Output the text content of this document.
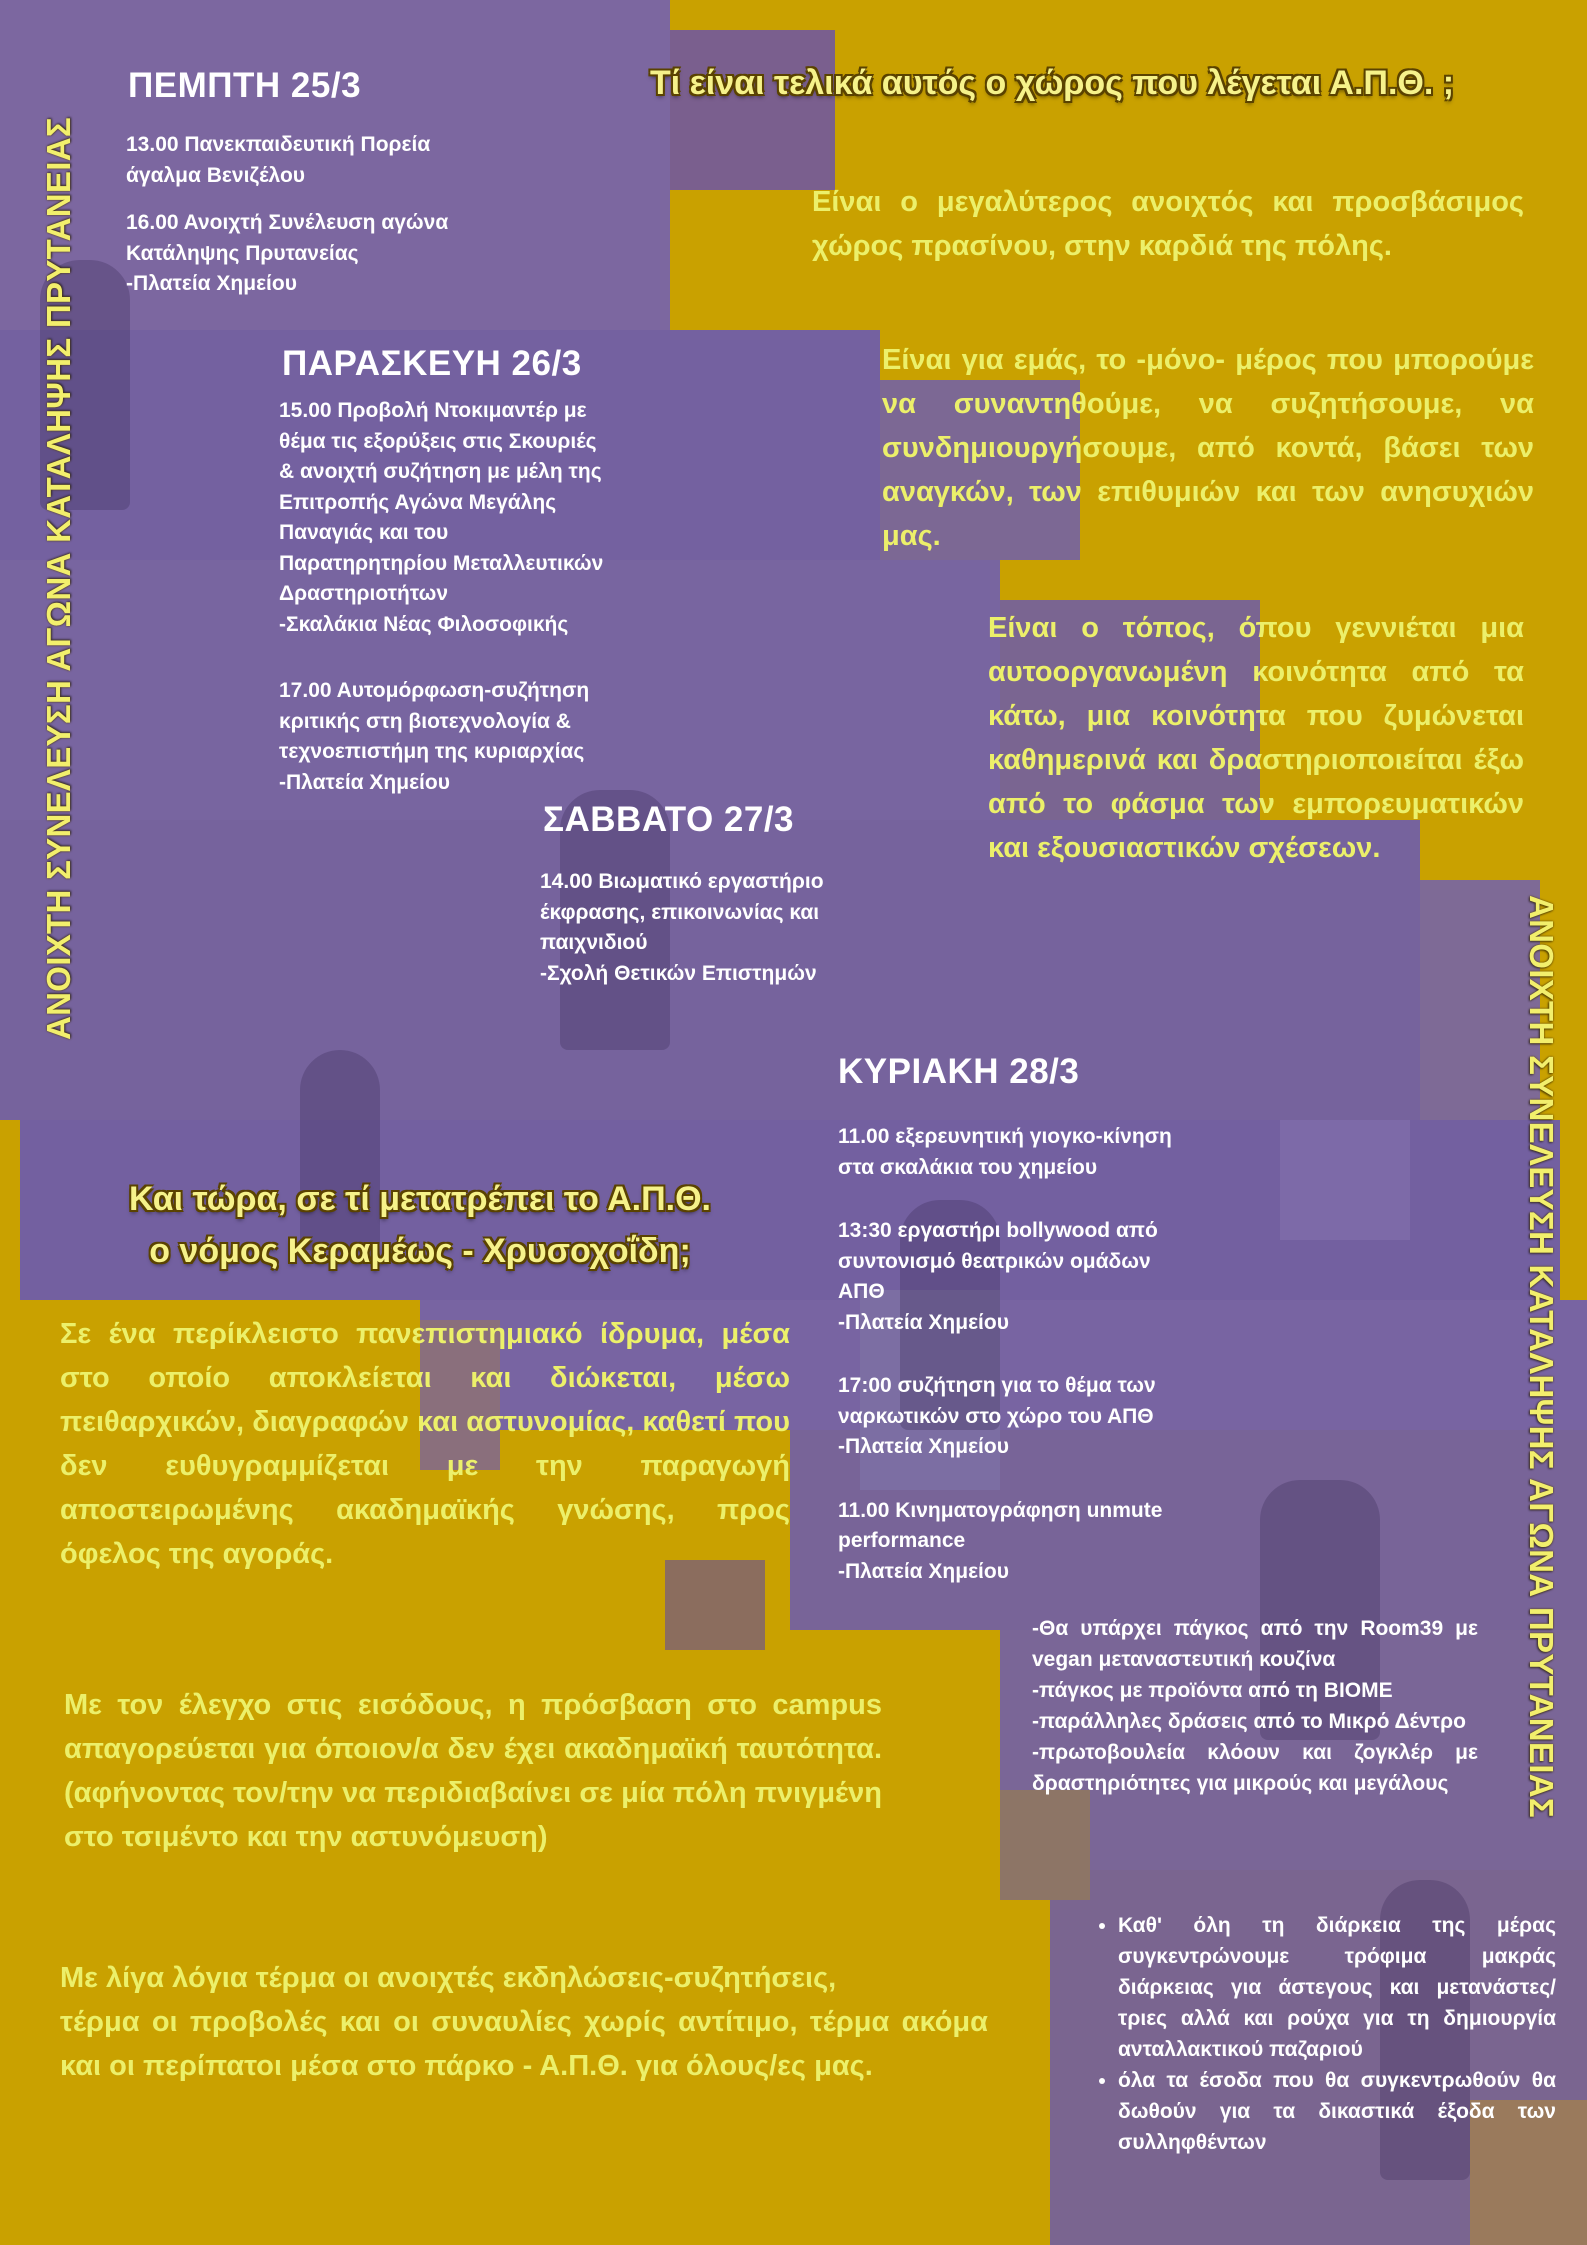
ΑΝΟΙΧΤΗ ΣΥΝΕΛΕΥΣΗ ΑΓΩΝΑ ΚΑΤΑΛΗΨΗΣ ΠΡΥΤΑΝΕΙΑΣ
ΑΝΟΙΧΤΗ ΣΥΝΕΛΕΥΣΗ ΚΑΤΑΛΗΨΗΣ ΑΓΩΝΑ ΠΡΥΤΑΝΕΙΑΣ
ΠΕΜΠΤΗ 25/3

13.00 Πανεκπαιδευτική Πορεία
άγαλμα Βενιζέλου

16.00 Ανοιχτή Συνέλευση αγώνα
Κατάληψης Πρυτανείας
-Πλατεία Χημείου

ΠΑΡΑΣΚΕΥΗ 26/3

15.00 Προβολή Ντοκιμαντέρ με
θέμα τις εξορύξεις στις Σκουριές
& ανοιχτή συζήτηση με μέλη της
Επιτροπής Αγώνα Μεγάλης
Παναγιάς και του
Παρατηρητηρίου Μεταλλευτικών
Δραστηριοτήτων
-Σκαλάκια Νέας Φιλοσοφικής

17.00 Αυτομόρφωση-συζήτηση
κριτικής στη βιοτεχνολογία &
τεχνοεπιστήμη της κυριαρχίας
-Πλατεία Χημείου

ΣΑΒΒΑΤΟ 27/3

14.00 Βιωματικό εργαστήριο
έκφρασης, επικοινωνίας και
παιχνιδιού
-Σχολή Θετικών Επιστημών

ΚΥΡΙΑΚΗ 28/3

11.00 εξερευνητική γιογκο-κίνηση
στα σκαλάκια του χημείου

13:30 εργαστήρι bollywood από
συντονισμό θεατρικών ομάδων
ΑΠΘ
-Πλατεία Χημείου

17:00 συζήτηση για το θέμα των
ναρκωτικών στο χώρο του ΑΠΘ
-Πλατεία Χημείου

11.00 Κινηματογράφηση unmute
performance
-Πλατεία Χημείου

Τί είναι τελικά αυτός ο χώρος που λέγεται Α.Π.Θ. ;

Είναι ο μεγαλύτερος ανοιχτός και προσβάσιμος χώρος πρασίνου, στην καρδιά της πόλης.

Είναι για εμάς, το -μόνο- μέρος που μπορούμε να συναντηθούμε, να συζητήσουμε, να συνδημιουργήσουμε, από κοντά, βάσει των αναγκών, των επιθυμιών και των ανησυχιών μας.

Είναι ο τόπος, όπου γεννιέται μια αυτοοργανωμένη κοινότητα από τα κάτω, μια κοινότητα που ζυμώνεται καθημερινά και δραστηριοποιείται έξω από το φάσμα των εμπορευματικών και εξουσιαστικών σχέσεων.

Και τώρα, σε τί μετατρέπει το Α.Π.Θ.
ο νόμος Κεραμέως - Χρυσοχοΐδη;

Σε ένα περίκλειστο πανεπιστημιακό ίδρυμα, μέσα στο οποίο αποκλείεται και διώκεται, μέσω πειθαρχικών, διαγραφών και αστυνομίας, καθετί που δεν ευθυγραμμίζεται με την παραγωγή αποστειρωμένης ακαδημαϊκής γνώσης, προς όφελος της αγοράς.

Με τον έλεγχο στις εισόδους, η πρόσβαση στο campus απαγορεύεται για όποιον/α δεν έχει ακαδημαϊκή ταυτότητα. (αφήνοντας τον/την να περιδιαβαίνει σε μία πόλη πνιγμένη στο τσιμέντο και την αστυνόμευση)

Με λίγα λόγια τέρμα οι ανοιχτές εκδηλώσεις-συζητήσεις,

τέρμα οι προβολές και οι συναυλίες χωρίς αντίτιμο, τέρμα ακόμα και οι περίπατοι μέσα στο πάρκο - Α.Π.Θ. για όλους/ες μας.

-Θα υπάρχει πάγκος από την Room39 με vegan μεταναστευτική κουζίνα

-πάγκος με προϊόντα από τη ΒΙΟΜΕ

-παράλληλες δράσεις από το Μικρό Δέντρο

-πρωτοβουλεία κλόουν και ζογκλέρ με δραστηριότητες για μικρούς και μεγάλους

• Καθ' όλη τη διάρκεια της μέρας συγκεντρώνουμε τρόφιμα μακράς διάρκειας για άστεγους και μετανάστες/τριες αλλά και ρούχα για τη δημιουργία ανταλλακτικού παζαριού
• όλα τα έσοδα που θα συγκεντρωθούν θα δωθούν για τα δικαστικά έξοδα των συλληφθέντων
